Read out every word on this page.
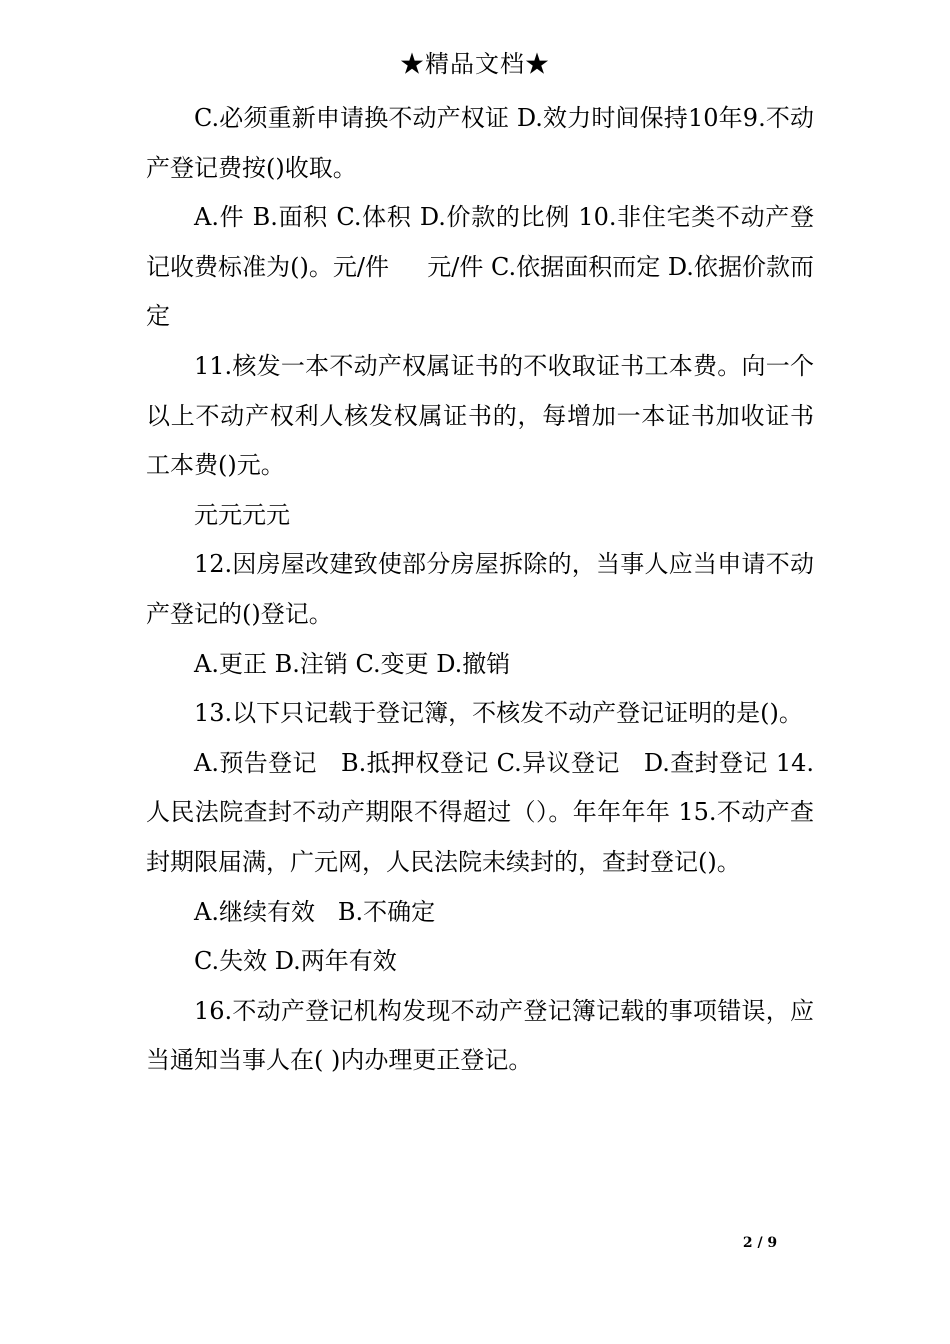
★精品文档★

C.必须重新申请换不动产权证 D.效力时间保持10年9.不动产登记费按()收取。

A.件 B.面积 C.体积 D.价款的比例 10.非住宅类不动产登记收费标准为()。元/件     元/件 C.依据面积而定 D.依据价款而定

11.核发一本不动产权属证书的不收取证书工本费。向一个以上不动产权利人核发权属证书的，每增加一本证书加收证书工本费()元。

元元元元

12.因房屋改建致使部分房屋拆除的，当事人应当申请不动产登记的()登记。

A.更正 B.注销 C.变更 D.撤销

13.以下只记载于登记簿，不核发不动产登记证明的是()。

A.预告登记   B.抵押权登记 C.异议登记   D.查封登记 14.人民法院查封不动产期限不得超过（）。年年年年 15.不动产查封期限届满，广元网，人民法院未续封的，查封登记()。

A.继续有效   B.不确定

C.失效 D.两年有效

16.不动产登记机构发现不动产登记簿记载的事项错误，应当通知当事人在( )内办理更正登记。

2 / 9
